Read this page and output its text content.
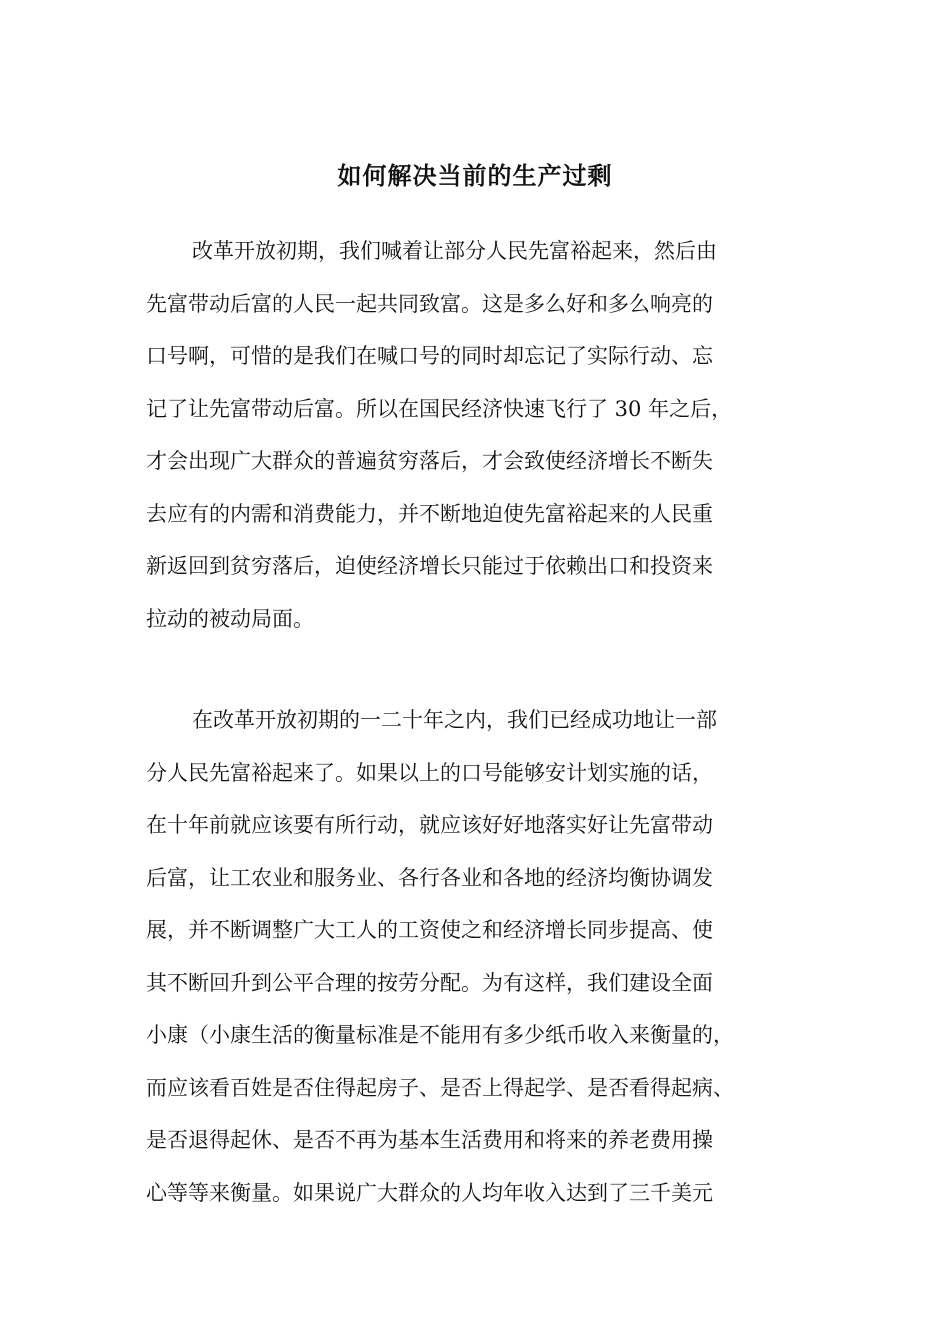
如何解决当前的生产过剩
改革开放初期，我们喊着让部分人民先富裕起来，然后由
先富带动后富的人民一起共同致富。这是多么好和多么响亮的
口号啊，可惜的是我们在喊口号的同时却忘记了实际行动、忘
记了让先富带动后富。所以在国民经济快速飞行了 30 年之后，
才会出现广大群众的普遍贫穷落后，才会致使经济增长不断失
去应有的内需和消费能力，并不断地迫使先富裕起来的人民重
新返回到贫穷落后，迫使经济增长只能过于依赖出口和投资来
拉动的被动局面。
在改革开放初期的一二十年之内，我们已经成功地让一部
分人民先富裕起来了。如果以上的口号能够安计划实施的话，
在十年前就应该要有所行动，就应该好好地落实好让先富带动
后富，让工农业和服务业、各行各业和各地的经济均衡协调发
展，并不断调整广大工人的工资使之和经济增长同步提高、使
其不断回升到公平合理的按劳分配。为有这样，我们建设全面
小康（小康生活的衡量标准是不能用有多少纸币收入来衡量的，
而应该看百姓是否住得起房子、是否上得起学、是否看得起病、
是否退得起休、是否不再为基本生活费用和将来的养老费用操
心等等来衡量。如果说广大群众的人均年收入达到了三千美元
